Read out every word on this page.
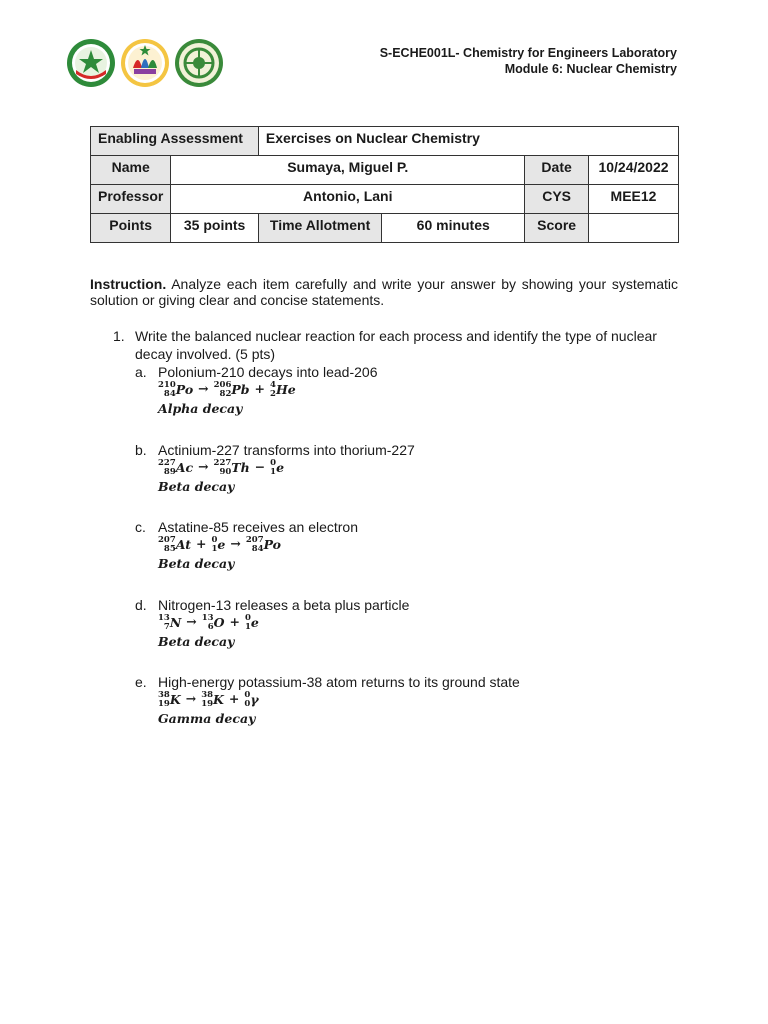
S-ECHE001L- Chemistry for Engineers Laboratory
Module 6: Nuclear Chemistry
Enabling Assessment		Exercises on Nuclear Chemistry			
Name	Sumaya, Miguel P.			Date	10/24/2022
Professor	Antonio, Lani			CYS	MEE12
Points	35 points	Time Allotment	60 minutes	Score	
Instruction. Analyze each item carefully and write your answer by showing your systematic solution or giving clear and concise statements.
1. Write the balanced nuclear reaction for each process and identify the type of nuclear decay involved. (5 pts)
a. Polonium-210 decays into lead-206
210
84 Po → 206
82 Pb + 4
2 He
Alpha decay
b. Actinium-227 transforms into thorium-227
227
89 Ac → 227
90 Th − 0
1 e
Beta decay
c. Astatine-85 receives an electron
207
85 At + 0
1 e → 207
84 Po
Beta decay
d. Nitrogen-13 releases a beta plus particle
13
7 N → 13
6 O + 0
1 e
Beta decay
e. High-energy potassium-38 atom returns to its ground state
38
19 K → 38
19 K + 0
0 γ
Gamma decay
